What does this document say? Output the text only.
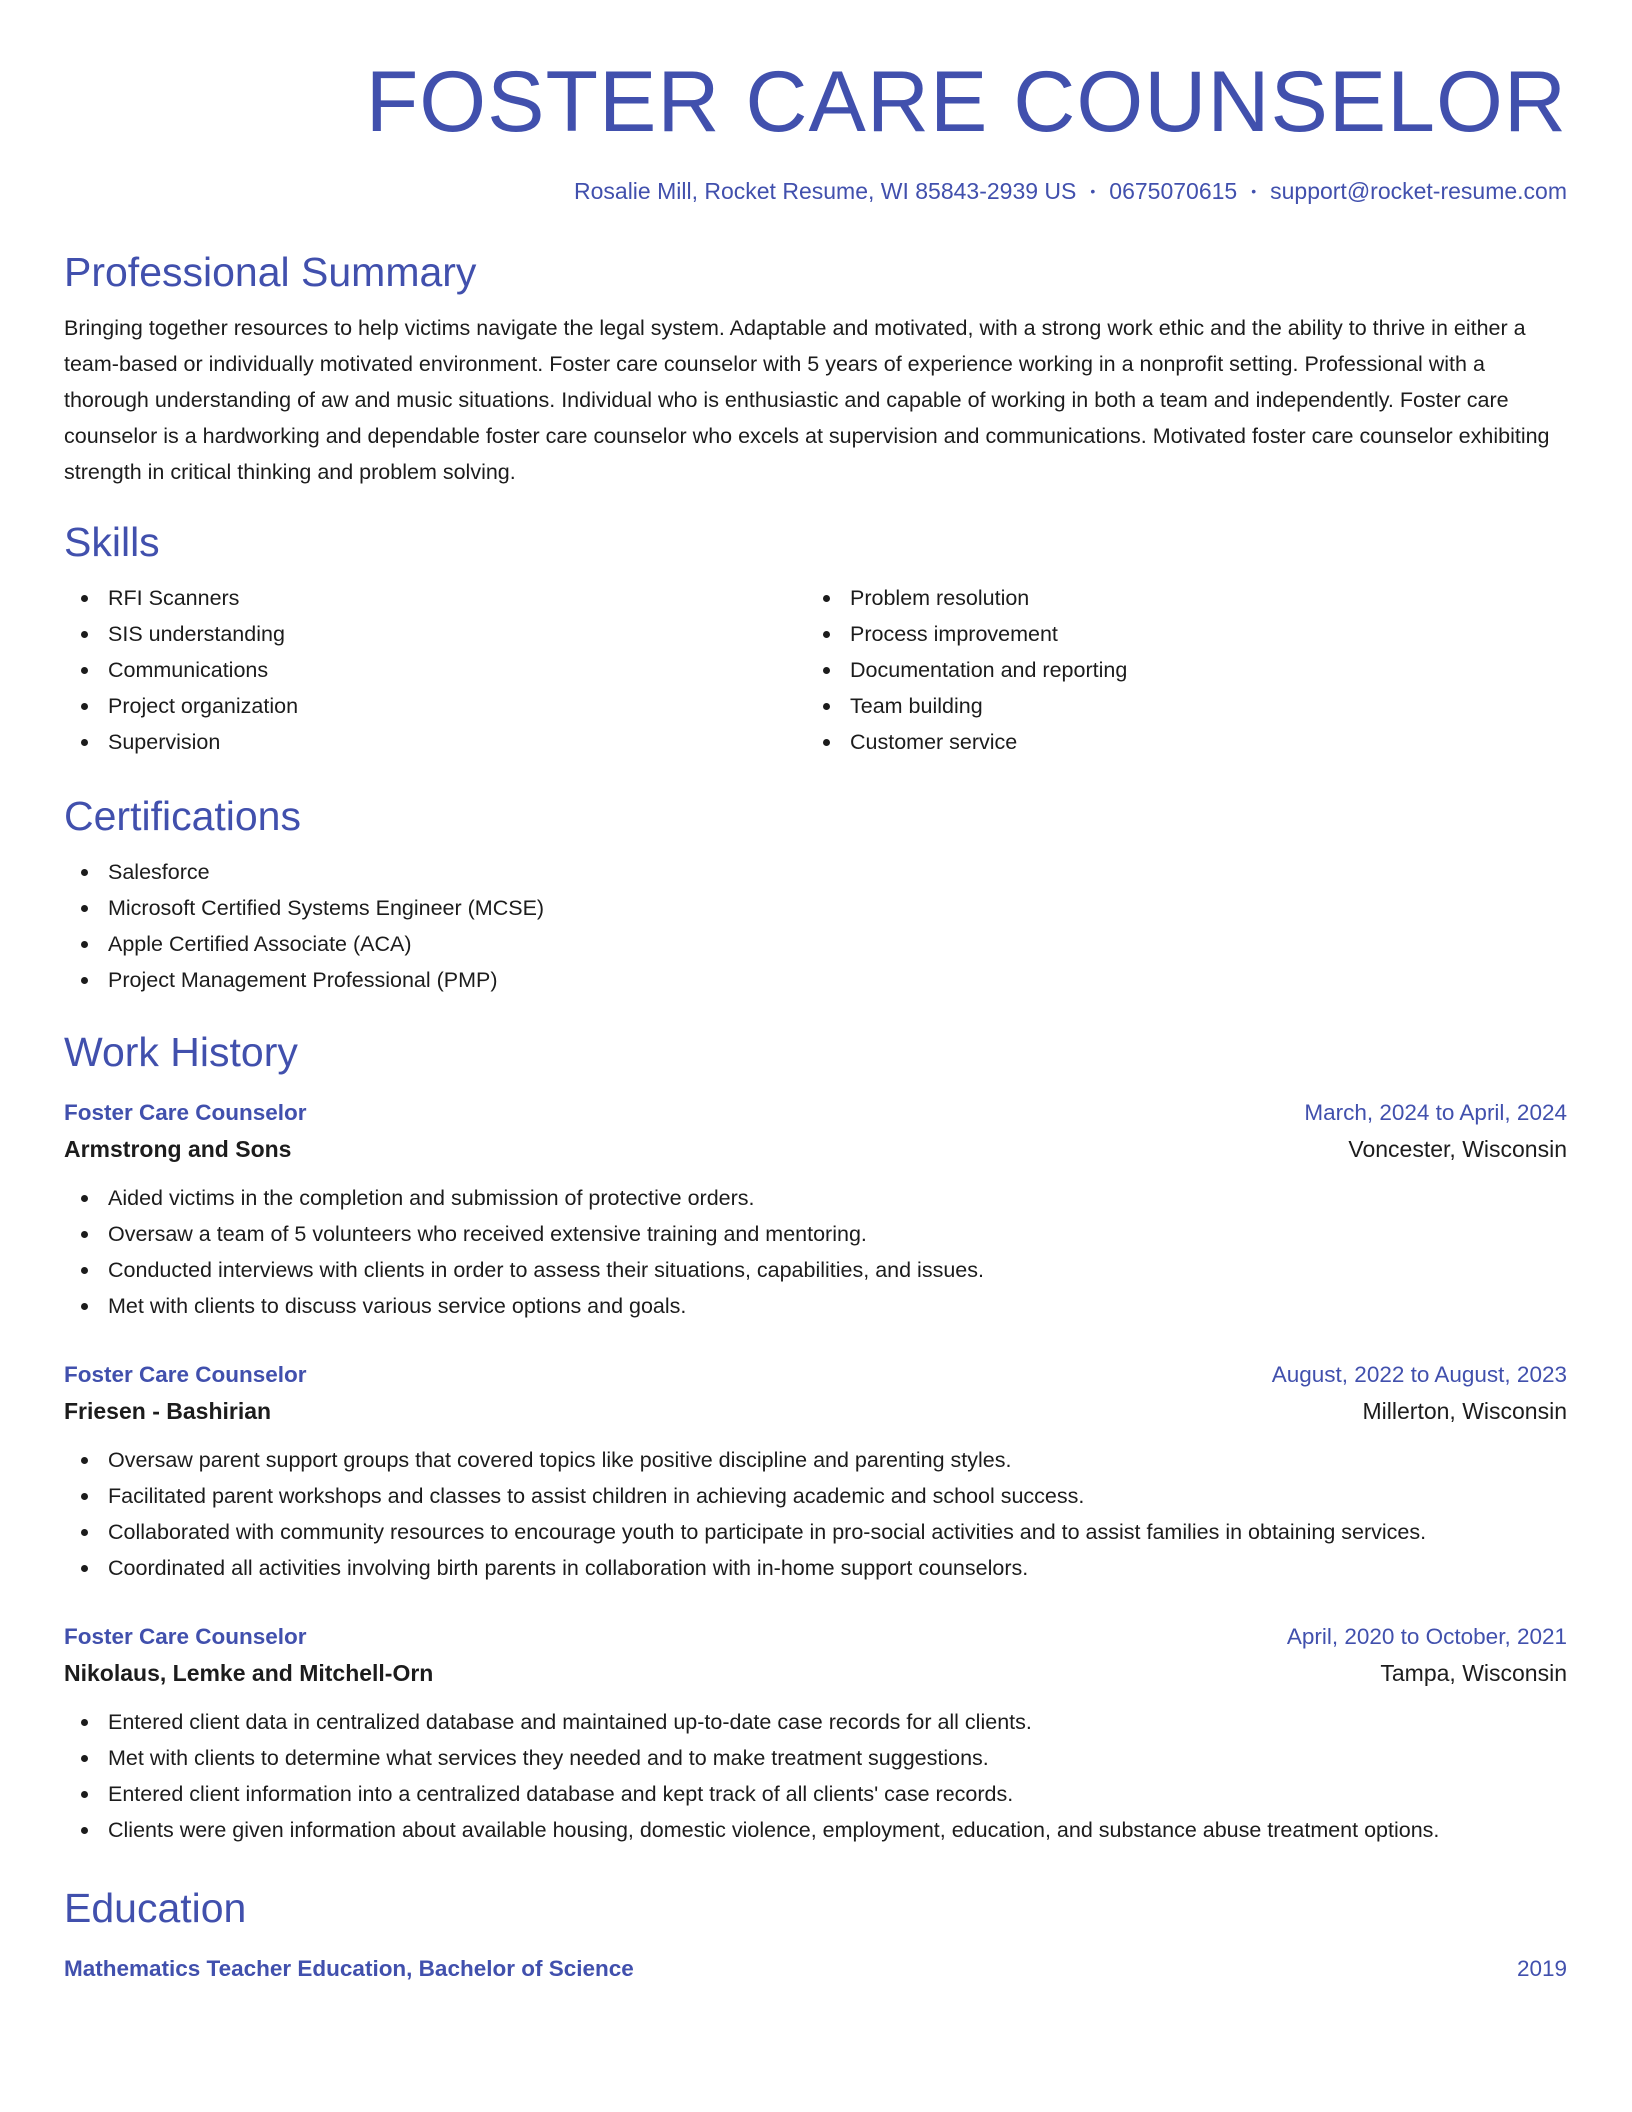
FOSTER CARE COUNSELOR
Rosalie Mill, Rocket Resume, WI 85843-2939 US • 0675070615 • support@rocket-resume.com
Professional Summary

Bringing together resources to help victims navigate the legal system. Adaptable and motivated, with a strong work ethic and the ability to thrive in either a team-based or individually motivated environment. Foster care counselor with 5 years of experience working in a nonprofit setting. Professional with a thorough understanding of aw and music situations. Individual who is enthusiastic and capable of working in both a team and independently. Foster care counselor is a hardworking and dependable foster care counselor who excels at supervision and communications. Motivated foster care counselor exhibiting strength in critical thinking and problem solving.

Skills
RFI Scanners
SIS understanding
Communications
Project organization
Supervision
Problem resolution
Process improvement
Documentation and reporting
Team building
Customer service
Certifications
Salesforce
Microsoft Certified Systems Engineer (MCSE)
Apple Certified Associate (ACA)
Project Management Professional (PMP)
Work History
Foster Care Counselor	March, 2024 to April, 2024
Armstrong and Sons	Voncester, Wisconsin
Aided victims in the completion and submission of protective orders.
Oversaw a team of 5 volunteers who received extensive training and mentoring.
Conducted interviews with clients in order to assess their situations, capabilities, and issues.
Met with clients to discuss various service options and goals.
Foster Care Counselor	August, 2022 to August, 2023
Friesen - Bashirian	Millerton, Wisconsin
Oversaw parent support groups that covered topics like positive discipline and parenting styles.
Facilitated parent workshops and classes to assist children in achieving academic and school success.
Collaborated with community resources to encourage youth to participate in pro-social activities and to assist families in obtaining services.
Coordinated all activities involving birth parents in collaboration with in-home support counselors.
Foster Care Counselor	April, 2020 to October, 2021
Nikolaus, Lemke and Mitchell-Orn	Tampa, Wisconsin
Entered client data in centralized database and maintained up-to-date case records for all clients.
Met with clients to determine what services they needed and to make treatment suggestions.
Entered client information into a centralized database and kept track of all clients' case records.
Clients were given information about available housing, domestic violence, employment, education, and substance abuse treatment options.
Education
Mathematics Teacher Education, Bachelor of Science	2019
